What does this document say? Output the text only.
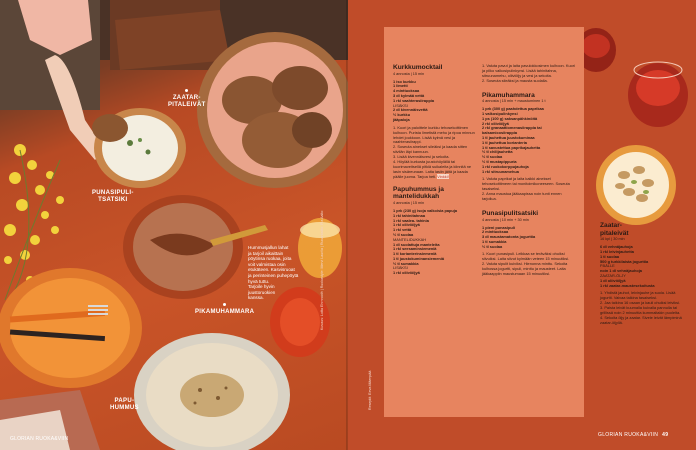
ZAATAR-
PITALEIVÄT
PUNASIPULI-
TSATSIKI
PIKAMUHAMMARA
PAPU-
HUMMUS
Hummusjallun lahat
ja tarjoil aikaittain
pöytinsa ruokaa, joita
voit valmistaa osin
etukäteen. Kasvisruoat
ja perinteinen puhepöytä
hyvä tuttu.
Tarjoile hyvin
juustoruokien
kanssa.	Kuvaus: Lotta Ehrnrooth | Ruokastyle: Mervi Laurila | Ruoanlaitto: Pia Aalto
GLORIAN RUOKA&VIIN
Reseptit: Eeva Mäenpää
Kurkkumocktail
4 annosta | 15 min
1 iso kurkku
1 limetti
4 minttuoksaa
3 dl kylmää vettä
1 rkl vaahterasiirappia
LISÄKSI
2 dl kivennäisvettä
½ kurkku
jääpaloja
1. Kuori ja paloittele kurkku tehosekoittimen kulhoon. Purista limetistä mehu ja ripoa minnun lehdet joukkoon. Lisää kylmä vesi ja vaahterasiirappi.
2. Soseuta ainekset sileäksi ja kaada sitten siivilän läpi kannuun.
3. Lisää kivennäisvesi ja sekoita.
4. Höylää kurkusta juustohöylällä tai kuorimaveitsellä pitkiä suikaleita ja kiinnitä ne lasin sisäreunaan. Laita lasiin jäitä ja kaada päälle juoma. Tarjoa heti. Vinkki!
Papuhummus ja mantelidukkah
4 annosta | 15 min
1 prk (230 g) isoja valkoisia papuja
1 rkl tahinitahnaa
1 rkl vaalea- tahinia
1 rkl oliiviöljyä
1 rkl vettä
½ tl suolaa
MANTELIDUKKAH
1 dl suolattuja manteleita
1 rkl seesaminsiemeniä
1 tl korianterinsiemeniä
1 tl juustokuminansiemeniä
½ tl sumakkia
LISÄKSI
1 rkl oliiviöljyä
1. Valuta pavut ja laita pavulokkosimen kulhoon. Kuori ja pilko valkosipulinkynsi. Lisää tahinitahna, sitruunamehu, oliiviöljy ja vesi ja sekoita.
2. Soseuta sileäksi ja mausta suolalla.
Pikamuhammara
4 annosta | 15 min + maustuminen 1 t
1 prk (300 g) paahdettua paprikaa
1 valkosipulinkynsi
1 ps (100 g) saksanpähkinöitä
2 rkl oliiviöljyä
2 rkl granaattiomenasiirappia tai balsamicosiirappia
1 tl jauhettua juustokuminaa
1 tl jauhettua korianteria
1 tl savustettua paprikajauhetta
½ tl chilijauhetta
½ tl suolaa
½ tl mustapippuria
1 rkl ruokokorppujauhoja
1 rkl sitruunamehua
1. Valuta paprikat ja laita kaikki ainekset tehosekoittimeen tai monitoimikoneeseen. Soseuta tasaiseksi.
2. Anna maustua jääkaapissa noin tunti ennen tarjoilua.
Punasipulitsatsiki
4 annosta | 10 min + 30 min
1 pieni punasipuli
2 minttuoksaa
3 dl maustamatonta jogurttia
1 tl sumakkia
½ tl suolaa
1. Kuori punasipuli. Leikkaa se teräväksi ohuiksi siivuiksi. Laita siivut kylmään veteen 15 minuutiksi.
2. Valuta sipulit kuiviksi. Hienonna minttu. Sekoita kulhossa jogurtti, sipuli, minttu ja mausteet. Laita jääkaappiin maustumaan 15 minuutiksi.
Zaatar-pitaleivät
16 kpl | 30 min
6 dl vehnäjauhoja
1 rkl leivinjauhetta
1 tl suolaa
500 g turkkilaista jogurttia
PÄÄLLE
noin 1 dl vehnäjauhoja
ZAATAR-ÖLJY
1 dl oliiviöljyä
1 rkl zaatar-maustesekoitusta
1. Yhdistä jauhot, leivinjauhe ja suola. Lisää jogurtti. Vaivaa taikina tasaiseksi.
2. Jaa taikina 16 osaan ja kauli ohuiksi leiviksi.
3. Paista leivät kuumalla kuivalla pannulla tai grillissä noin 2 minuuttia kummaltakin puolelta.
4. Sekoita öljy ja zaatar. Sivele leivät lämpiminä zaatar-öljyllä.
GLORIAN RUOKA&VIIN 49
